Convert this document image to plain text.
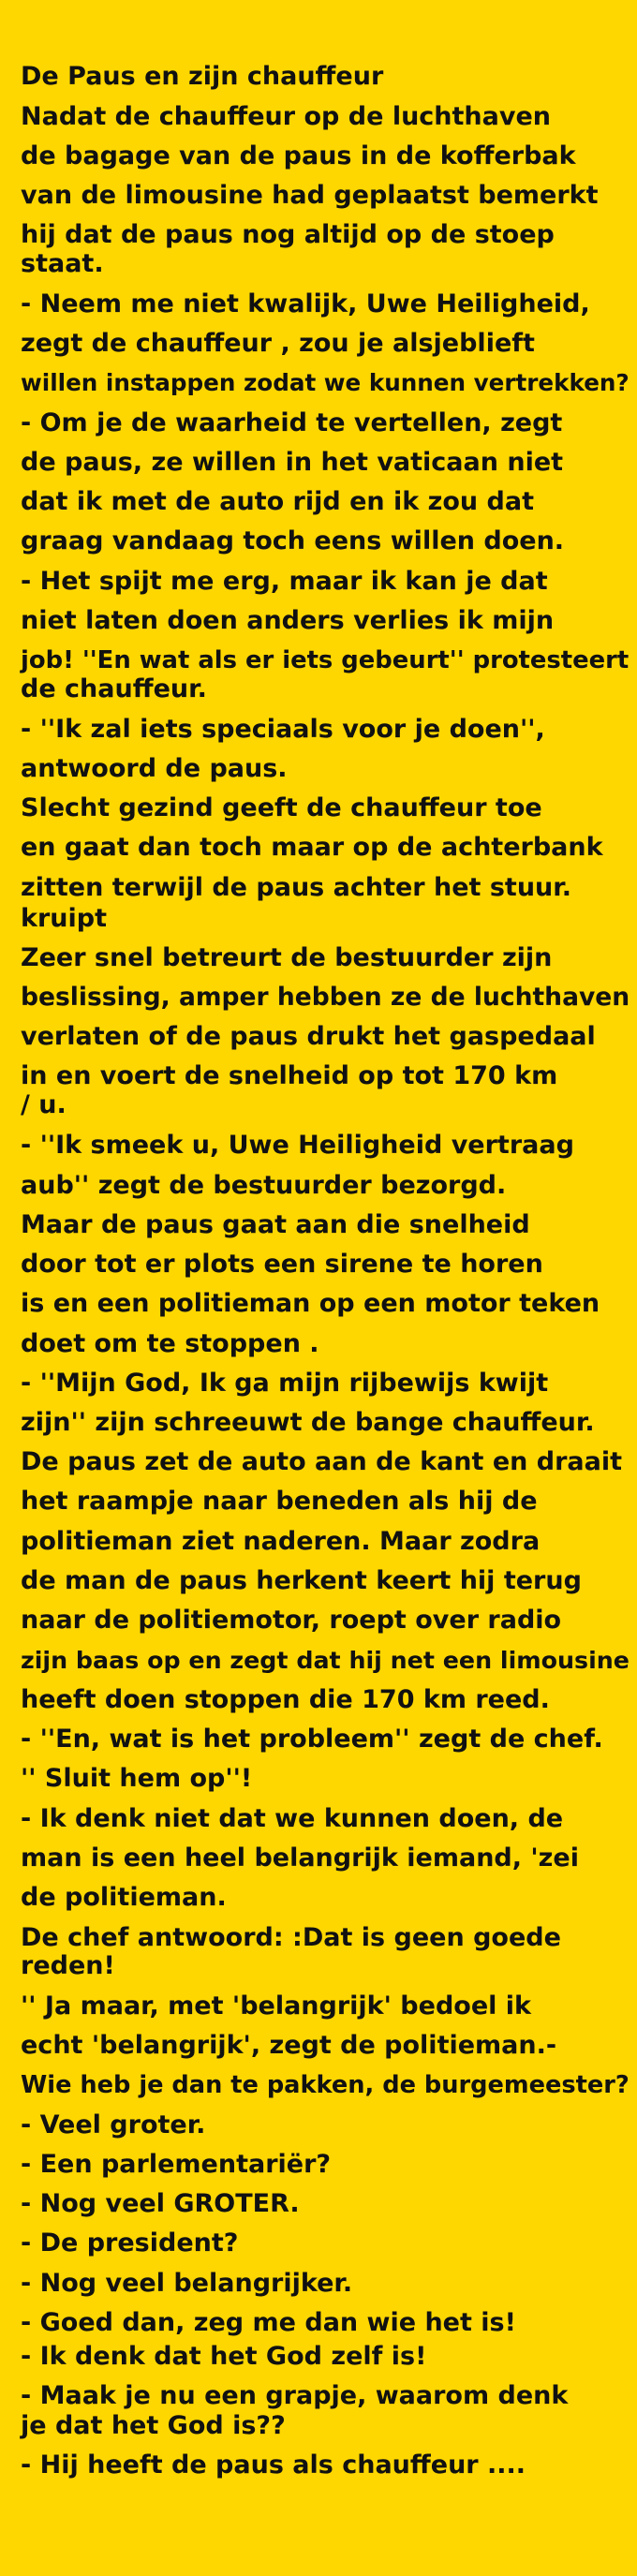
De Paus en zijn chauffeur

Nadat de chauffeur op de luchthaven

de bagage van de paus in de kofferbak

van de limousine had geplaatst bemerkt

hij dat de paus nog altijd op de stoep

staat.

- Neem me niet kwalijk, Uwe Heiligheid,

zegt de chauffeur , zou je alsjeblieft

willen instappen zodat we kunnen vertrekken?

- Om je de waarheid te vertellen, zegt

de paus, ze willen in het vaticaan niet

dat ik met de auto rijd en ik zou dat

graag vandaag toch eens willen doen.

- Het spijt me erg, maar ik kan je dat

niet laten doen anders verlies ik mijn

job! ''En wat als er iets gebeurt'' protesteert

de chauffeur.

- ''Ik zal iets speciaals voor je doen'',

antwoord de paus.

Slecht gezind geeft de chauffeur toe

en gaat dan toch maar op de achterbank

zitten terwijl de paus achter het stuur.

kruipt

Zeer snel betreurt de bestuurder zijn

beslissing, amper hebben ze de luchthaven

verlaten of de paus drukt het gaspedaal

in en voert de snelheid op tot 170 km

/ u.

- ''Ik smeek u, Uwe Heiligheid vertraag

aub'' zegt de bestuurder bezorgd.

Maar de paus gaat aan die snelheid

door tot er plots een sirene te horen

is en een politieman op een motor teken

doet om te stoppen .

- ''Mijn God, Ik ga mijn rijbewijs kwijt

zijn'' zijn schreeuwt de bange chauffeur.

De paus zet de auto aan de kant en draait

het raampje naar beneden als hij de

politieman ziet naderen. Maar zodra

de man de paus herkent keert hij terug

naar de politiemotor, roept over radio

zijn baas op en zegt dat hij net een limousine

heeft doen stoppen die 170 km reed.

- ''En, wat is het probleem'' zegt de chef.

'' Sluit hem op''!

- Ik denk niet dat we kunnen doen, de

man is een heel belangrijk iemand, 'zei

de politieman.

De chef antwoord: :Dat is geen goede

reden!

'' Ja maar, met 'belangrijk' bedoel ik

echt 'belangrijk', zegt de politieman.-

Wie heb je dan te pakken, de burgemeester?

- Veel groter.

- Een parlementariër?

- Nog veel GROTER.

- De president?

- Nog veel belangrijker.

- Goed dan, zeg me dan wie het is!

- Ik denk dat het God zelf is!

- Maak je nu een grapje, waarom denk

je dat het God is??

- Hij heeft de paus als chauffeur ....
